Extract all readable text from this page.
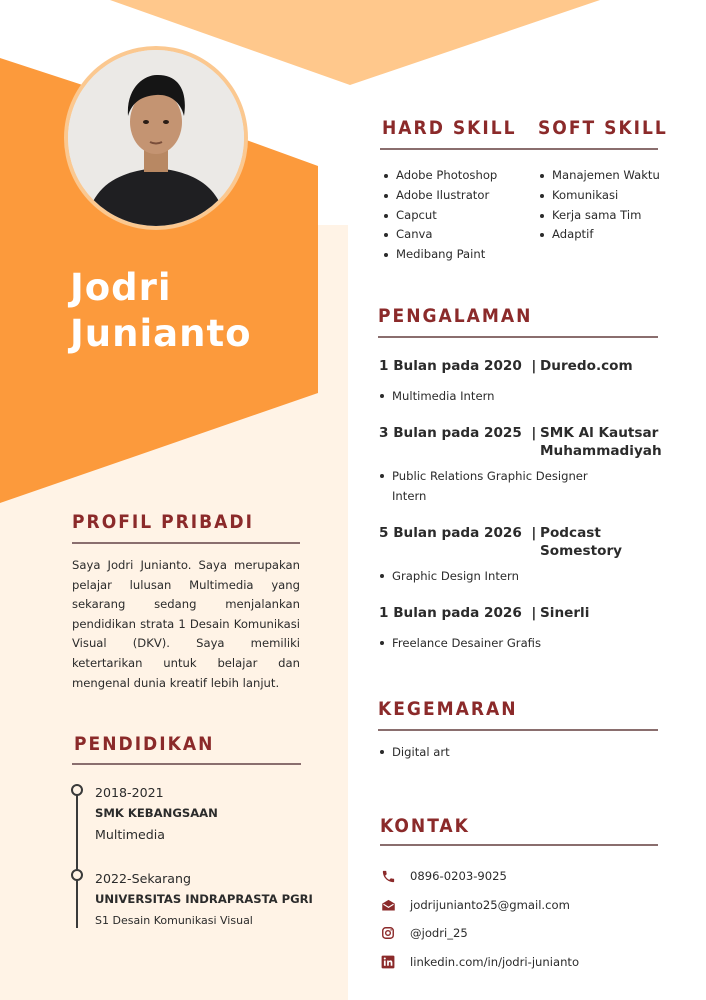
Jodri
Junianto
HARD SKILL SOFT SKILL
Adobe Photoshop
Adobe Ilustrator
Capcut
Canva
Medibang Paint
Manajemen Waktu
Komunikasi
Kerja sama Tim
Adaptif
PENGALAMAN
1 Bulan pada 2020 | Duredo.com
Multimedia Intern
3 Bulan pada 2025 | SMK Al Kautsar Muhammadiyah
Public Relations Graphic Designer Intern
5 Bulan pada 2026 | Podcast Somestory
Graphic Design Intern
1 Bulan pada 2026 | Sinerli
Freelance Desainer Grafis
KEGEMARAN
Digital art
KONTAK
0896-0203-9025
jodrijunianto25@gmail.com
@jodri_25
linkedin.com/in/jodri-junianto
PROFIL PRIBADI
Saya Jodri Junianto. Saya merupakan pelajar lulusan Multimedia yang sekarang sedang menjalankan pendidikan strata 1 Desain Komunikasi Visual (DKV). Saya memiliki ketertarikan untuk belajar dan mengenal dunia kreatif lebih lanjut.
PENDIDIKAN
2018-2021
SMK KEBANGSAAN
Multimedia
2022-Sekarang
UNIVERSITAS INDRAPRASTA PGRI
S1 Desain Komunikasi Visual
